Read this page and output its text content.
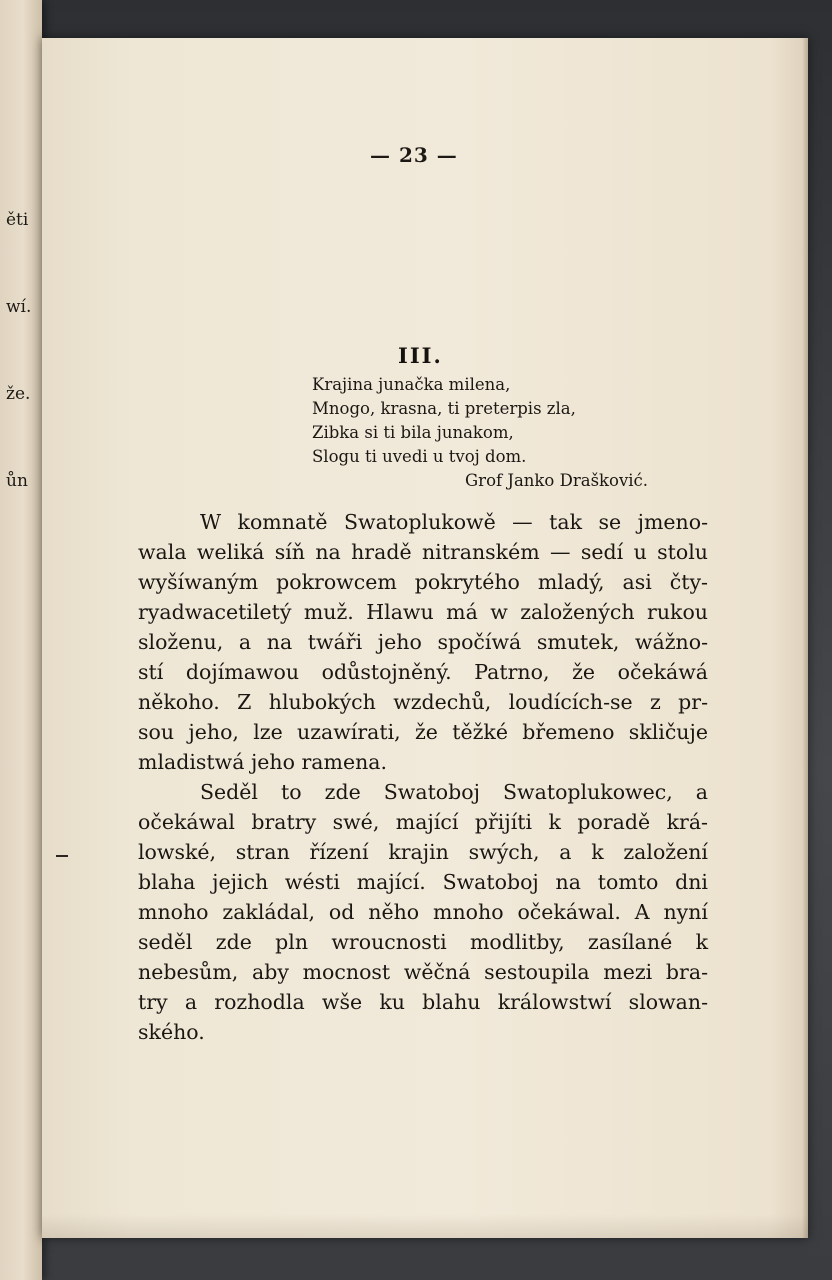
ěti

wí.

že.

ůn

— 23 —
III.
Krajina junačka milena,
Mnogo, krasna, ti preterpis zla,
Zibka si ti bila junakom,
Slogu ti uvedi u tvoj dom.
Grof Janko Drašković.
W komnatě Swatoplukowě — tak se jmeno-
wala weliká síň na hradě nitranském — sedí u stolu
wyšíwaným pokrowcem pokrytého mladý, asi čty-
ryadwacetiletý muž. Hlawu má w založených rukou
složenu, a na twáři jeho spočíwá smutek, wážno-
stí dojímawou odůstojněný. Patrno, že očekáwá
někoho. Z hlubokých wzdechů, loudících-se z pr-
sou jeho, lze uzawírati, že těžké břemeno skličuje
mladistwá jeho ramena.
Seděl to zde Swatoboj Swatoplukowec, a
očekáwal bratry swé, mající přijíti k poradě krá-
lowské, stran řízení krajin swých, a k založení
blaha jejich wésti mající. Swatoboj na tomto dni
mnoho zakládal, od něho mnoho očekáwal. A nyní
seděl zde pln wroucnosti modlitby, zasílané k
nebesům, aby mocnost wěčná sestoupila mezi bra-
try a rozhodla wše ku blahu králowstwí slowan-
ského.
